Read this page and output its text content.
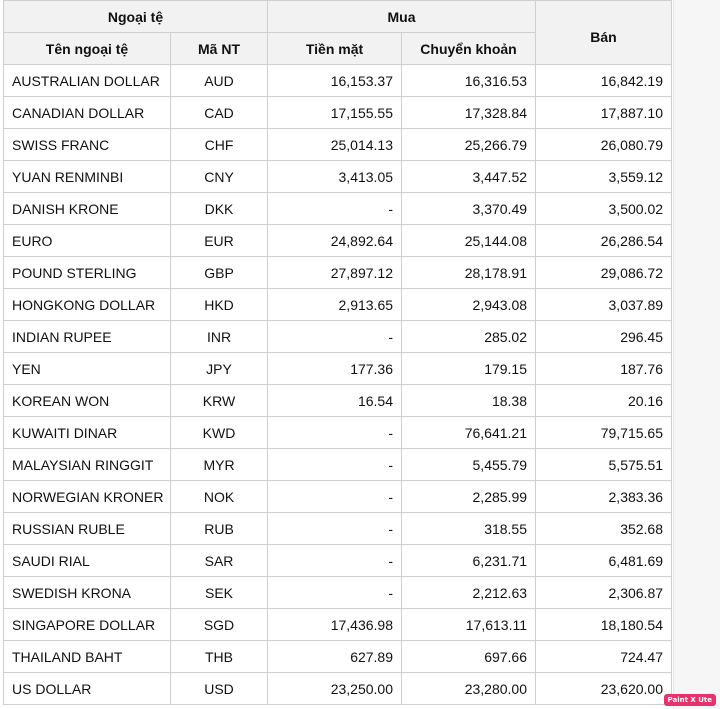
Ngoại tệ		Mua		Bán
Tên ngoại tệ	Mã NT	Tiền mặt	Chuyển khoản	
AUSTRALIAN DOLLAR	AUD	16,153.37	16,316.53	16,842.19
CANADIAN DOLLAR	CAD	17,155.55	17,328.84	17,887.10
SWISS FRANC	CHF	25,014.13	25,266.79	26,080.79
YUAN RENMINBI	CNY	3,413.05	3,447.52	3,559.12
DANISH KRONE	DKK	-	3,370.49	3,500.02
EURO	EUR	24,892.64	25,144.08	26,286.54
POUND STERLING	GBP	27,897.12	28,178.91	29,086.72
HONGKONG DOLLAR	HKD	2,913.65	2,943.08	3,037.89
INDIAN RUPEE	INR	-	285.02	296.45
YEN	JPY	177.36	179.15	187.76
KOREAN WON	KRW	16.54	18.38	20.16
KUWAITI DINAR	KWD	-	76,641.21	79,715.65
MALAYSIAN RINGGIT	MYR	-	5,455.79	5,575.51
NORWEGIAN KRONER	NOK	-	2,285.99	2,383.36
RUSSIAN RUBLE	RUB	-	318.55	352.68
SAUDI RIAL	SAR	-	6,231.71	6,481.69
SWEDISH KRONA	SEK	-	2,212.63	2,306.87
SINGAPORE DOLLAR	SGD	17,436.98	17,613.11	18,180.54
THAILAND BAHT	THB	627.89	697.66	724.47
US DOLLAR	USD	23,250.00	23,280.00	23,620.00
Paint X Ute
